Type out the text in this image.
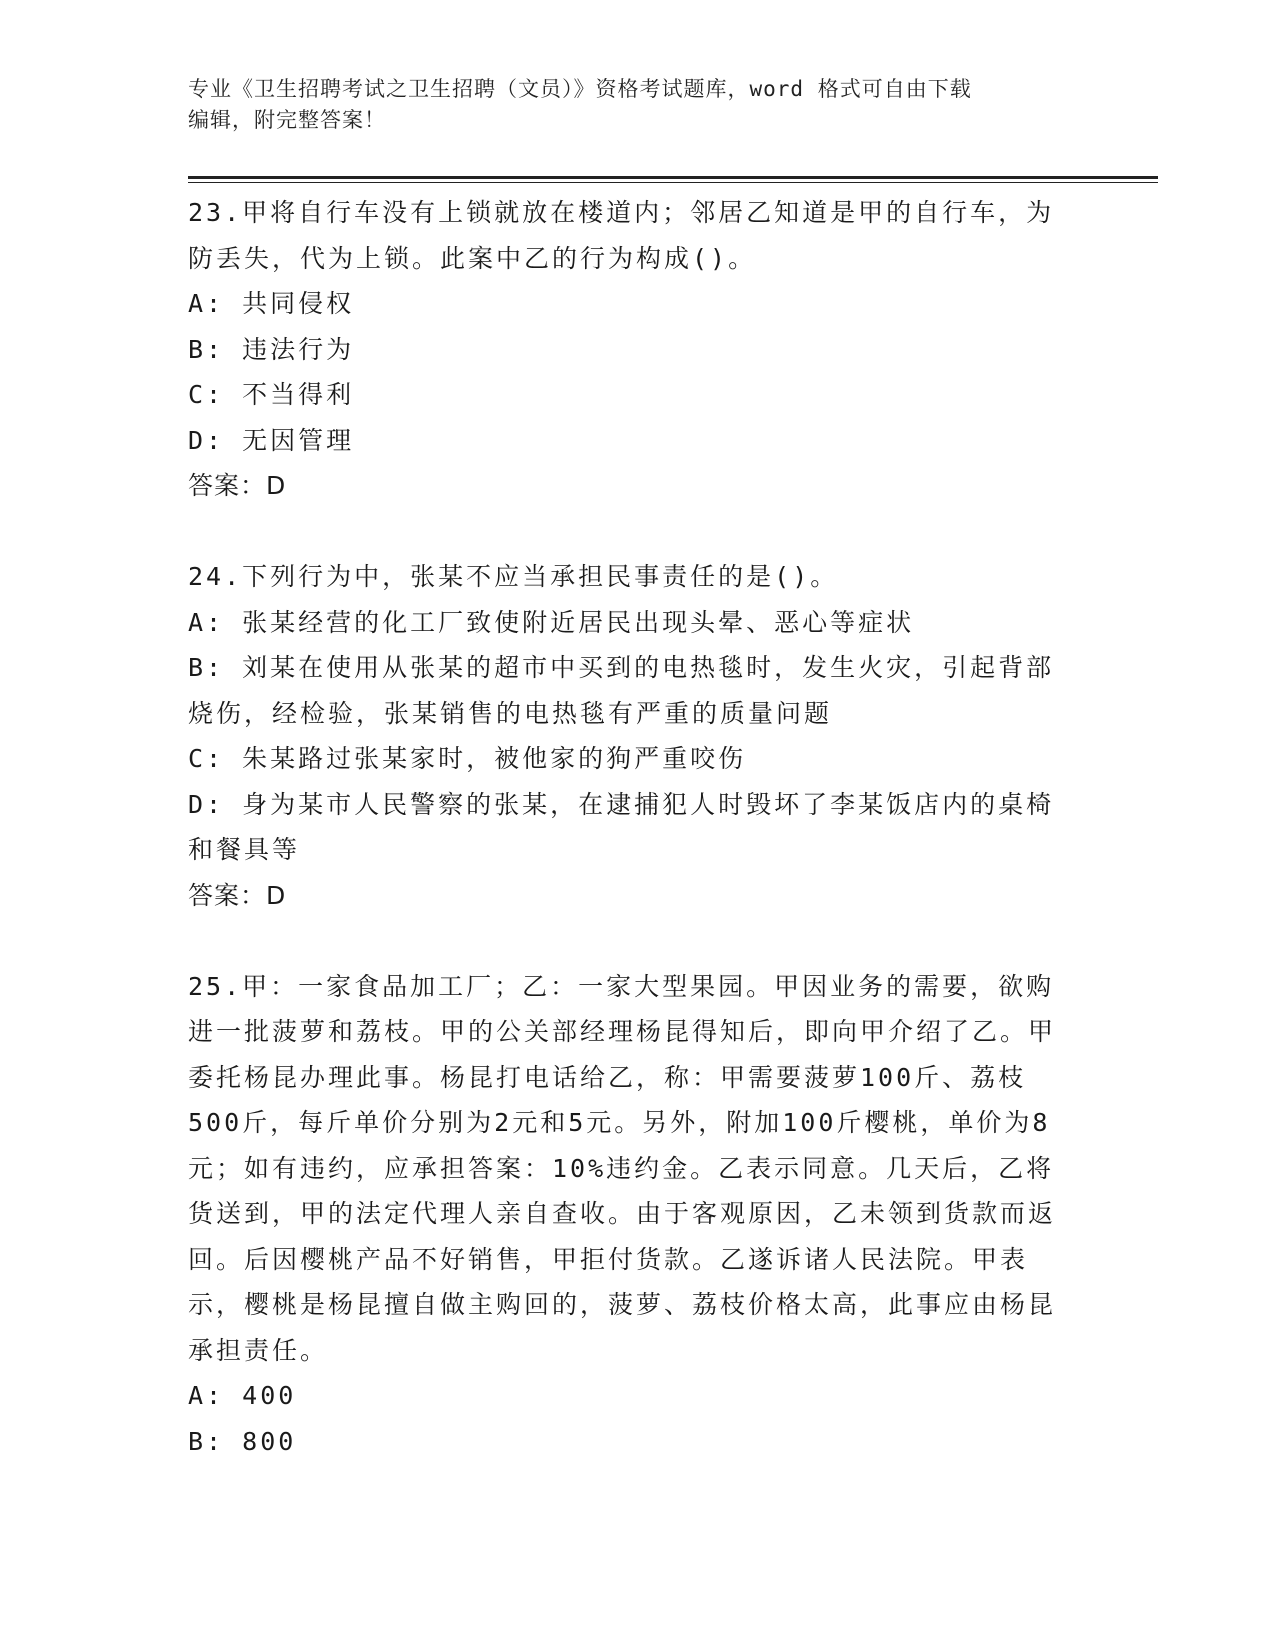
专业《卫生招聘考试之卫生招聘（文员）》资格考试题库，word 格式可自由下载
编辑，附完整答案！

23.甲将自行车没有上锁就放在楼道内；邻居乙知道是甲的自行车，为防丢失，代为上锁。此案中乙的行为构成()。

A: 共同侵权

B: 违法行为

C: 不当得利

D: 无因管理

答案：D

24.下列行为中，张某不应当承担民事责任的是()。

A: 张某经营的化工厂致使附近居民出现头晕、恶心等症状

B: 刘某在使用从张某的超市中买到的电热毯时，发生火灾，引起背部烧伤，经检验，张某销售的电热毯有严重的质量问题

C: 朱某路过张某家时，被他家的狗严重咬伤

D: 身为某市人民警察的张某，在逮捕犯人时毁坏了李某饭店内的桌椅和餐具等

答案：D

25.甲：一家食品加工厂；乙：一家大型果园。甲因业务的需要，欲购进一批菠萝和荔枝。甲的公关部经理杨昆得知后，即向甲介绍了乙。甲委托杨昆办理此事。杨昆打电话给乙，称：甲需要菠萝100斤、荔枝500斤，每斤单价分别为2元和5元。另外，附加100斤樱桃，单价为8元；如有违约，应承担答案：10%违约金。乙表示同意。几天后，乙将货送到，甲的法定代理人亲自查收。由于客观原因，乙未领到货款而返回。后因樱桃产品不好销售，甲拒付货款。乙遂诉诸人民法院。甲表示，樱桃是杨昆擅自做主购回的，菠萝、荔枝价格太高，此事应由杨昆承担责任。

A: 400

B: 800
